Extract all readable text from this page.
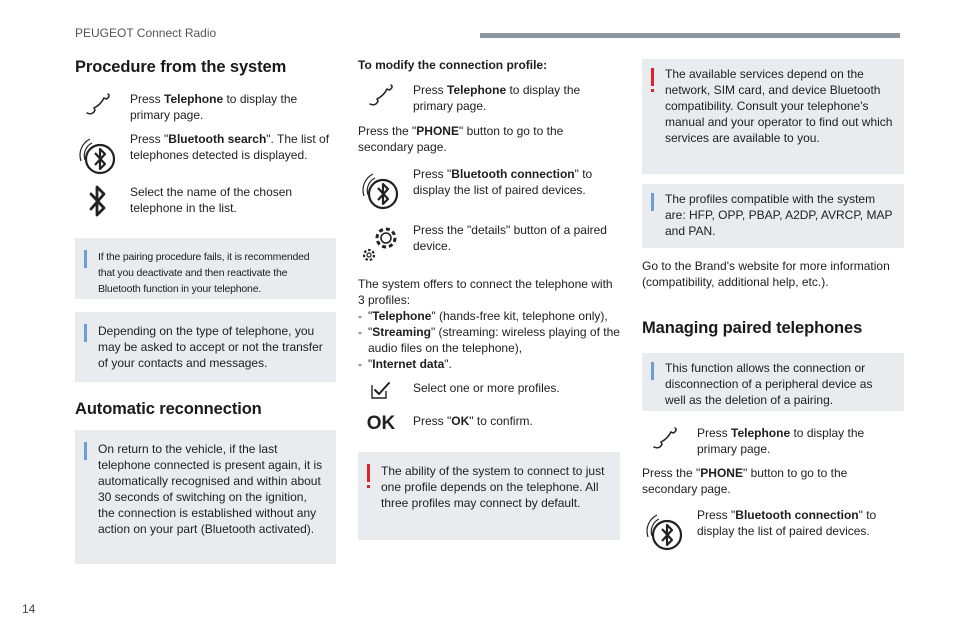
PEUGEOT Connect Radio
Procedure from the system
Press Telephone to display the primary page.
Press "Bluetooth search". The list of telephones detected is displayed.
Select the name of the chosen telephone in the list.
If the pairing procedure fails, it is recommended that you deactivate and then reactivate the Bluetooth function in your telephone.
Depending on the type of telephone, you may be asked to accept or not the transfer of your contacts and messages.
Automatic reconnection
On return to the vehicle, if the last telephone connected is present again, it is automatically recognised and within about 30 seconds of switching on the ignition, the connection is established without any action on your part (Bluetooth activated).

To modify the connection profile:

Press Telephone to display the primary page.

Press the "PHONE" button to go to the secondary page.

Press "Bluetooth connection" to display the list of paired devices.
Press the "details" button of a paired device.

The system offers to connect the telephone with 3 profiles:

- "Telephone" (hands-free kit, telephone only),
- "Streaming" (streaming: wireless playing of the audio files on the telephone),
- "Internet data".
Select one or more profiles.
OK Press "OK" to confirm.
The ability of the system to connect to just one profile depends on the telephone. All three profiles may connect by default.
The available services depend on the network, SIM card, and device Bluetooth compatibility. Consult your telephone's manual and your operator to find out which services are available to you.
The profiles compatible with the system are: HFP, OPP, PBAP, A2DP, AVRCP, MAP and PAN.

Go to the Brand's website for more information (compatibility, additional help, etc.).

Managing paired telephones
This function allows the connection or disconnection of a peripheral device as well as the deletion of a pairing.
Press Telephone to display the primary page.

Press the "PHONE" button to go to the secondary page.

Press "Bluetooth connection" to display the list of paired devices.
14
